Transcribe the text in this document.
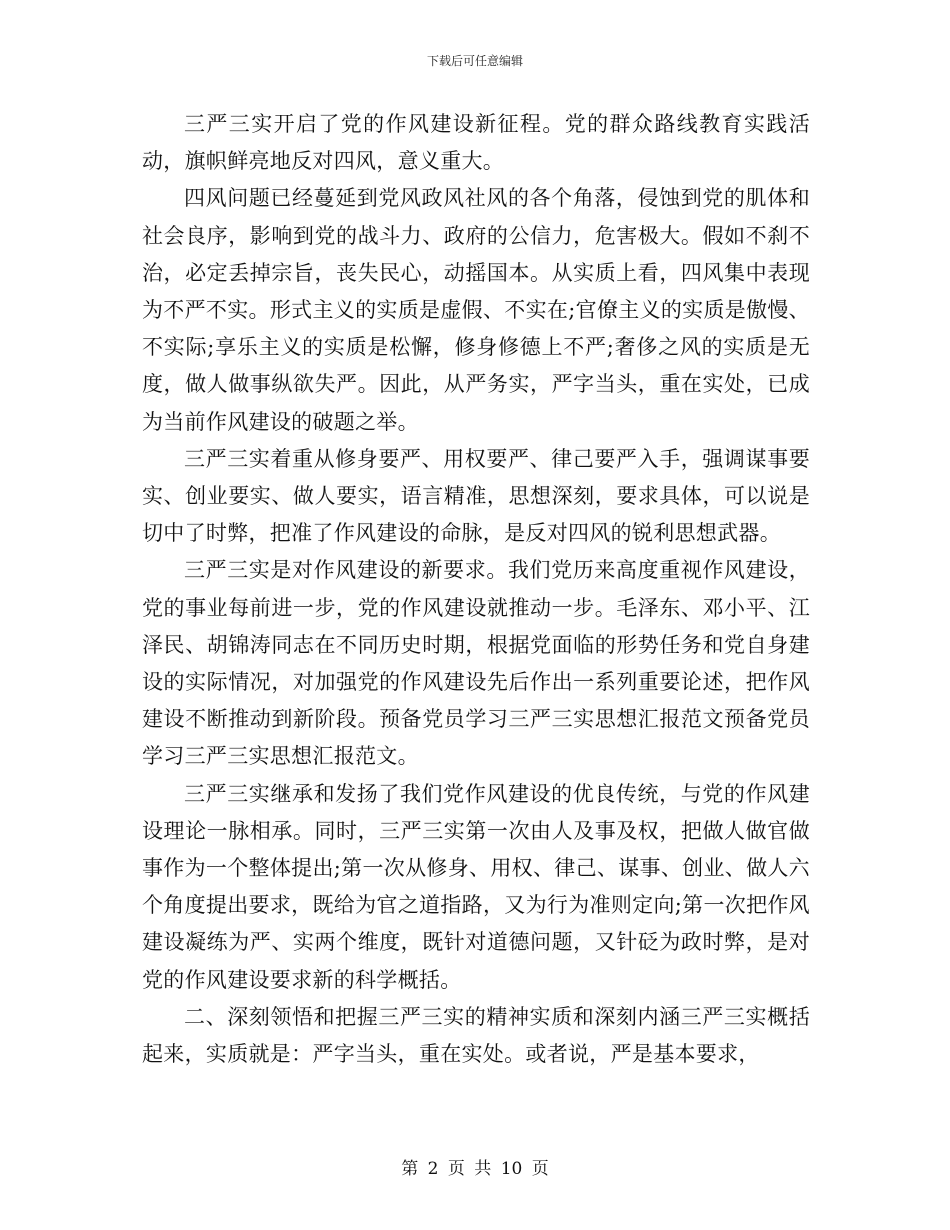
下载后可任意编辑

三严三实开启了党的作风建设新征程。党的群众路线教育实践活动，旗帜鲜亮地反对四风，意义重大。

四风问题已经蔓延到党风政风社风的各个角落，侵蚀到党的肌体和社会良序，影响到党的战斗力、政府的公信力，危害极大。假如不刹不治，必定丢掉宗旨，丧失民心，动摇国本。从实质上看，四风集中表现为不严不实。形式主义的实质是虚假、不实在;官僚主义的实质是傲慢、不实际;享乐主义的实质是松懈，修身修德上不严;奢侈之风的实质是无度，做人做事纵欲失严。因此，从严务实，严字当头，重在实处，已成为当前作风建设的破题之举。

三严三实着重从修身要严、用权要严、律己要严入手，强调谋事要实、创业要实、做人要实，语言精准，思想深刻，要求具体，可以说是切中了时弊，把准了作风建设的命脉，是反对四风的锐利思想武器。

三严三实是对作风建设的新要求。我们党历来高度重视作风建设，党的事业每前进一步，党的作风建设就推动一步。毛泽东、邓小平、江泽民、胡锦涛同志在不同历史时期，根据党面临的形势任务和党自身建设的实际情况，对加强党的作风建设先后作出一系列重要论述，把作风建设不断推动到新阶段。预备党员学习三严三实思想汇报范文预备党员学习三严三实思想汇报范文。

三严三实继承和发扬了我们党作风建设的优良传统，与党的作风建设理论一脉相承。同时，三严三实第一次由人及事及权，把做人做官做事作为一个整体提出;第一次从修身、用权、律己、谋事、创业、做人六个角度提出要求，既给为官之道指路，又为行为准则定向;第一次把作风建设凝练为严、实两个维度，既针对道德问题，又针砭为政时弊，是对党的作风建设要求新的科学概括。

二、深刻领悟和把握三严三实的精神实质和深刻内涵三严三实概括起来，实质就是：严字当头，重在实处。或者说，严是基本要求，

第 2 页 共 10 页
